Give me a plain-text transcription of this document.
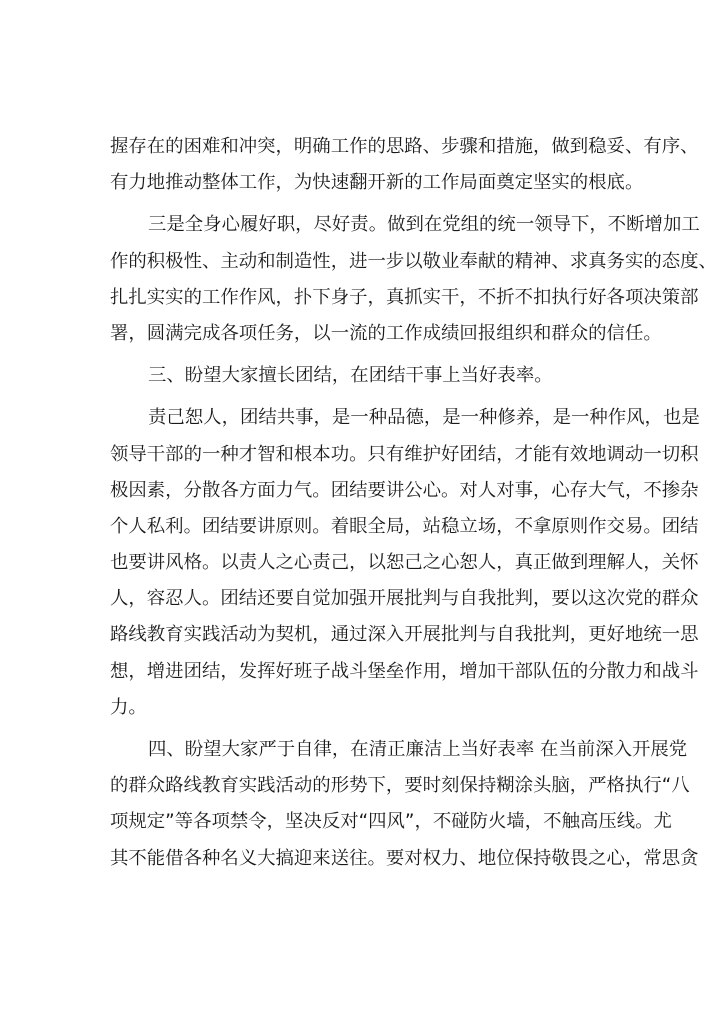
握存在的困难和冲突，明确工作的思路、步骤和措施，做到稳妥、有序、
有力地推动整体工作，为快速翻开新的工作局面奠定坚实的根底。
三是全身心履好职，尽好责。做到在党组的统一领导下，不断增加工
作的积极性、主动和制造性，进一步以敬业奉献的精神、求真务实的态度、
扎扎实实的工作作风，扑下身子，真抓实干，不折不扣执行好各项决策部
署，圆满完成各项任务，以一流的工作成绩回报组织和群众的信任。
三、盼望大家擅长团结，在团结干事上当好表率。
责己恕人，团结共事，是一种品德，是一种修养，是一种作风，也是
领导干部的一种才智和根本功。只有维护好团结，才能有效地调动一切积
极因素，分散各方面力气。团结要讲公心。对人对事，心存大气，不掺杂
个人私利。团结要讲原则。着眼全局，站稳立场，不拿原则作交易。团结
也要讲风格。以责人之心责己，以恕己之心恕人，真正做到理解人，关怀
人，容忍人。团结还要自觉加强开展批判与自我批判，要以这次党的群众
路线教育实践活动为契机，通过深入开展批判与自我批判，更好地统一思
想，增进团结，发挥好班子战斗堡垒作用，增加干部队伍的分散力和战斗
力。
四、盼望大家严于自律，在清正廉洁上当好表率 在当前深入开展党
的群众路线教育实践活动的形势下，要时刻保持糊涂头脑，严格执行“八
项规定”等各项禁令，坚决反对“四风”，不碰防火墙，不触高压线。尤
其不能借各种名义大搞迎来送往。要对权力、地位保持敬畏之心，常思贪
